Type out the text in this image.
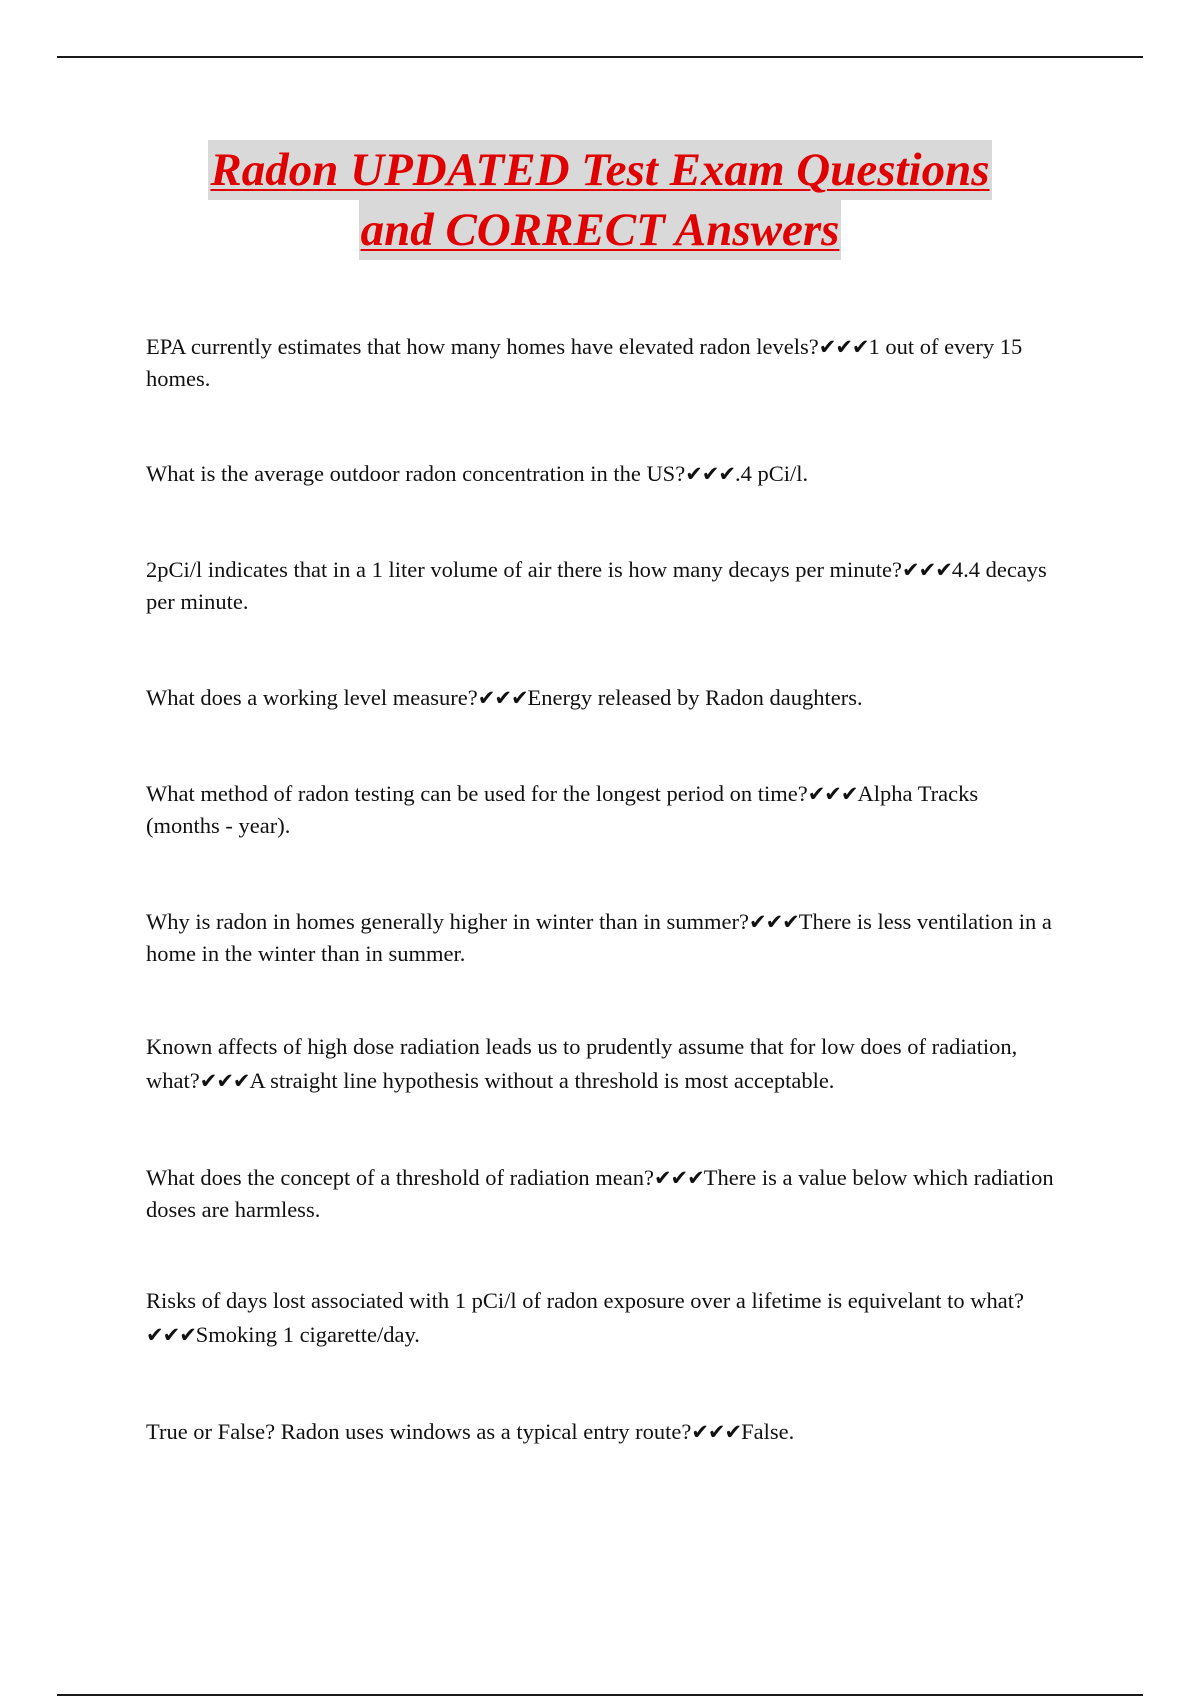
Radon UPDATED Test Exam Questions
and CORRECT Answers

EPA currently estimates that how many homes have elevated radon levels?✔✔✔1 out of every 15 homes.

What is the average outdoor radon concentration in the US?✔✔✔.4 pCi/l.

2pCi/l indicates that in a 1 liter volume of air there is how many decays per minute?✔✔✔4.4 decays per minute.

What does a working level measure?✔✔✔Energy released by Radon daughters.

What method of radon testing can be used for the longest period on time?✔✔✔Alpha Tracks (months - year).

Why is radon in homes generally higher in winter than in summer?✔✔✔There is less ventilation in a home in the winter than in summer.

Known affects of high dose radiation leads us to prudently assume that for low does of radiation, what?✔✔✔A straight line hypothesis without a threshold is most acceptable.

What does the concept of a threshold of radiation mean?✔✔✔There is a value below which radiation doses are harmless.

Risks of days lost associated with 1 pCi/l of radon exposure over a lifetime is equivelant to what?✔✔✔Smoking 1 cigarette/day.

True or False? Radon uses windows as a typical entry route?✔✔✔False.
